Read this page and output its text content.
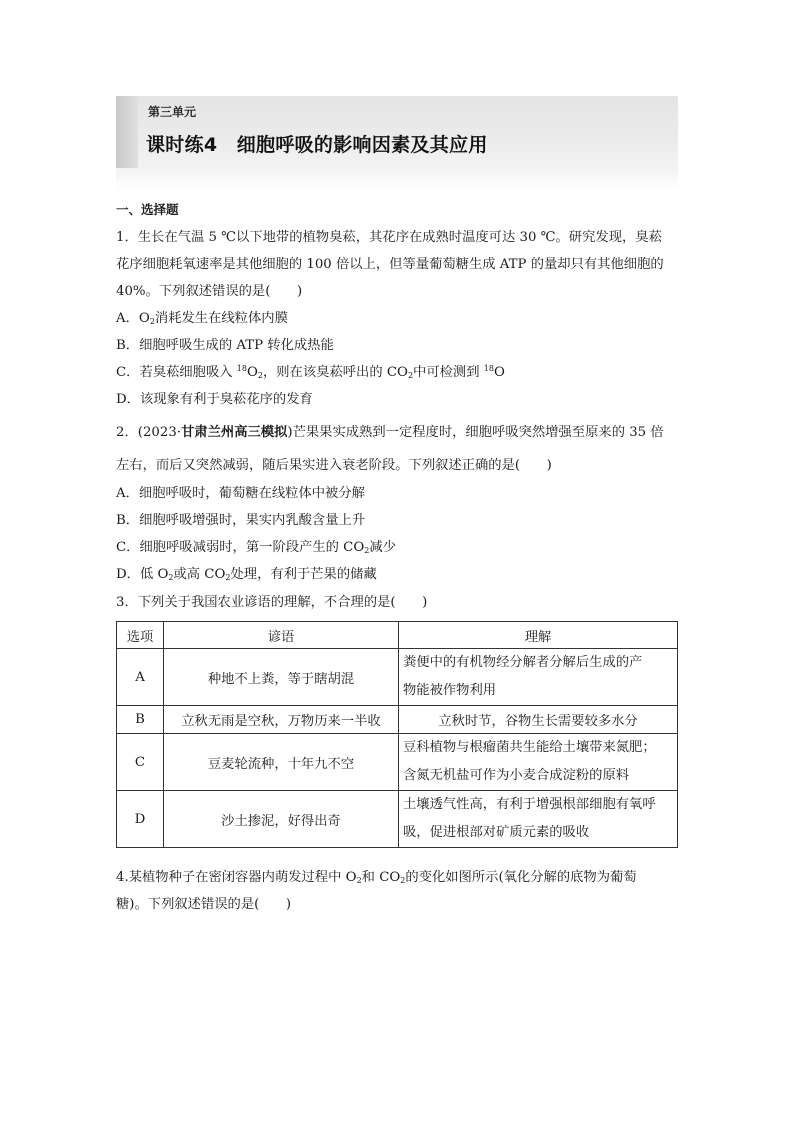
第三单元
课时练4　细胞呼吸的影响因素及其应用
一、选择题
1．生长在气温 5 ℃以下地带的植物臭菘，其花序在成熟时温度可达 30 ℃。研究发现，臭菘
花序细胞耗氧速率是其他细胞的 100 倍以上，但等量葡萄糖生成 ATP 的量却只有其他细胞的
40%。下列叙述错误的是(　　)
A．$O_2$消耗发生在线粒体内膜
B．细胞呼吸生成的 ATP 转化成热能
C．若臭菘细胞吸入 $^{18}O_2$，则在该臭菘呼出的 $CO_2$中可检测到 $^{18}$O
D．该现象有利于臭菘花序的发育
2．(2023·甘肃兰州高三模拟)芒果果实成熟到一定程度时，细胞呼吸突然增强至原来的 35 倍
左右，而后又突然减弱，随后果实进入衰老阶段。下列叙述正确的是(　　)
A．细胞呼吸时，葡萄糖在线粒体中被分解
B．细胞呼吸增强时，果实内乳酸含量上升
C．细胞呼吸减弱时，第一阶段产生的 $CO_2$减少
D．低 $O_2$或高 $CO_2$处理，有利于芒果的储藏
3．下列关于我国农业谚语的理解，不合理的是(　　)
选项	谚语	理解
A	种地不上粪，等于瞎胡混	粪便中的有机物经分解者分解后生成的产
物能被作物利用

B	立秋无雨是空秋，万物历来一半收	立秋时节，谷物生长需要较多水分
C	豆麦轮流种，十年九不空	豆科植物与根瘤菌共生能给土壤带来氮肥；
含氮无机盐可作为小麦合成淀粉的原料

D	沙土掺泥，好得出奇	土壤透气性高，有利于增强根部细胞有氧呼
吸，促进根部对矿质元素的吸收
4.某植物种子在密闭容器内萌发过程中 $O_2$和 $CO_2$的变化如图所示(氧化分解的底物为葡萄
糖)。下列叙述错误的是(　　)
